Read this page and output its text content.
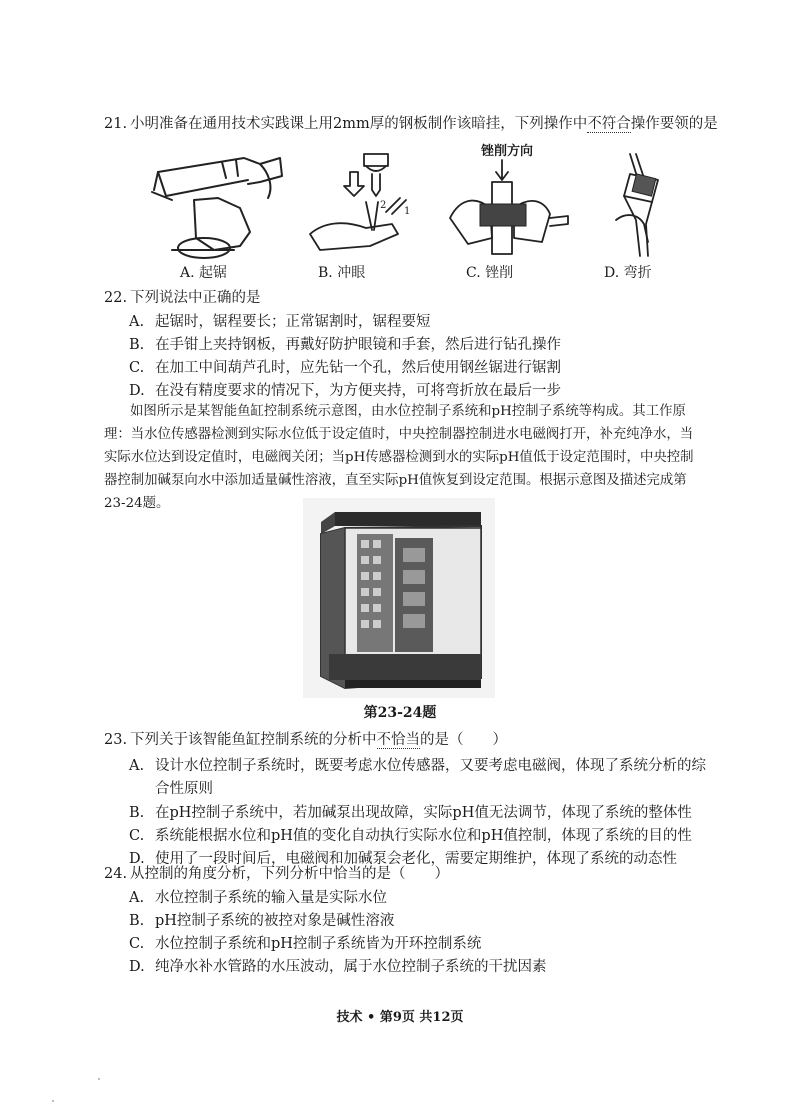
21. 小明准备在通用技术实践课上用2mm厚的钢板制作该暗挂，下列操作中不符合操作要领的是
A. 起锯
2
1
B. 冲眼
锉削方向
C. 锉削	D. 弯折
22. 下列说法中正确的是
A. 起锯时，锯程要长；正常锯割时，锯程要短
B. 在手钳上夹持钢板，再戴好防护眼镜和手套，然后进行钻孔操作
C. 在加工中间葫芦孔时，应先钻一个孔，然后使用钢丝锯进行锯割
D. 在没有精度要求的情况下，为方便夹持，可将弯折放在最后一步
如图所示是某智能鱼缸控制系统示意图，由水位控制子系统和pH控制子系统等构成。其工作原理：当水位传感器检测到实际水位低于设定值时，中央控制器控制进水电磁阀打开，补充纯净水，当实际水位达到设定值时，电磁阀关闭；当pH传感器检测到水的实际pH值低于设定范围时，中央控制器控制加碱泵向水中添加适量碱性溶液，直至实际pH值恢复到设定范围。根据示意图及描述完成第23-24题。
第23-24题
23. 下列关于该智能鱼缸控制系统的分析中不恰当的是（　　）
A. 设计水位控制子系统时，既要考虑水位传感器，又要考虑电磁阀，体现了系统分析的综
合性原则
B. 在pH控制子系统中，若加碱泵出现故障，实际pH值无法调节，体现了系统的整体性
C. 系统能根据水位和pH值的变化自动执行实际水位和pH值控制，体现了系统的目的性
D. 使用了一段时间后，电磁阀和加碱泵会老化，需要定期维护，体现了系统的动态性
24. 从控制的角度分析，下列分析中恰当的是（　　）
A. 水位控制子系统的输入量是实际水位
B. pH控制子系统的被控对象是碱性溶液
C. 水位控制子系统和pH控制子系统皆为开环控制系统
D. 纯净水补水管路的水压波动，属于水位控制子系统的干扰因素
技术 • 第9页 共12页
